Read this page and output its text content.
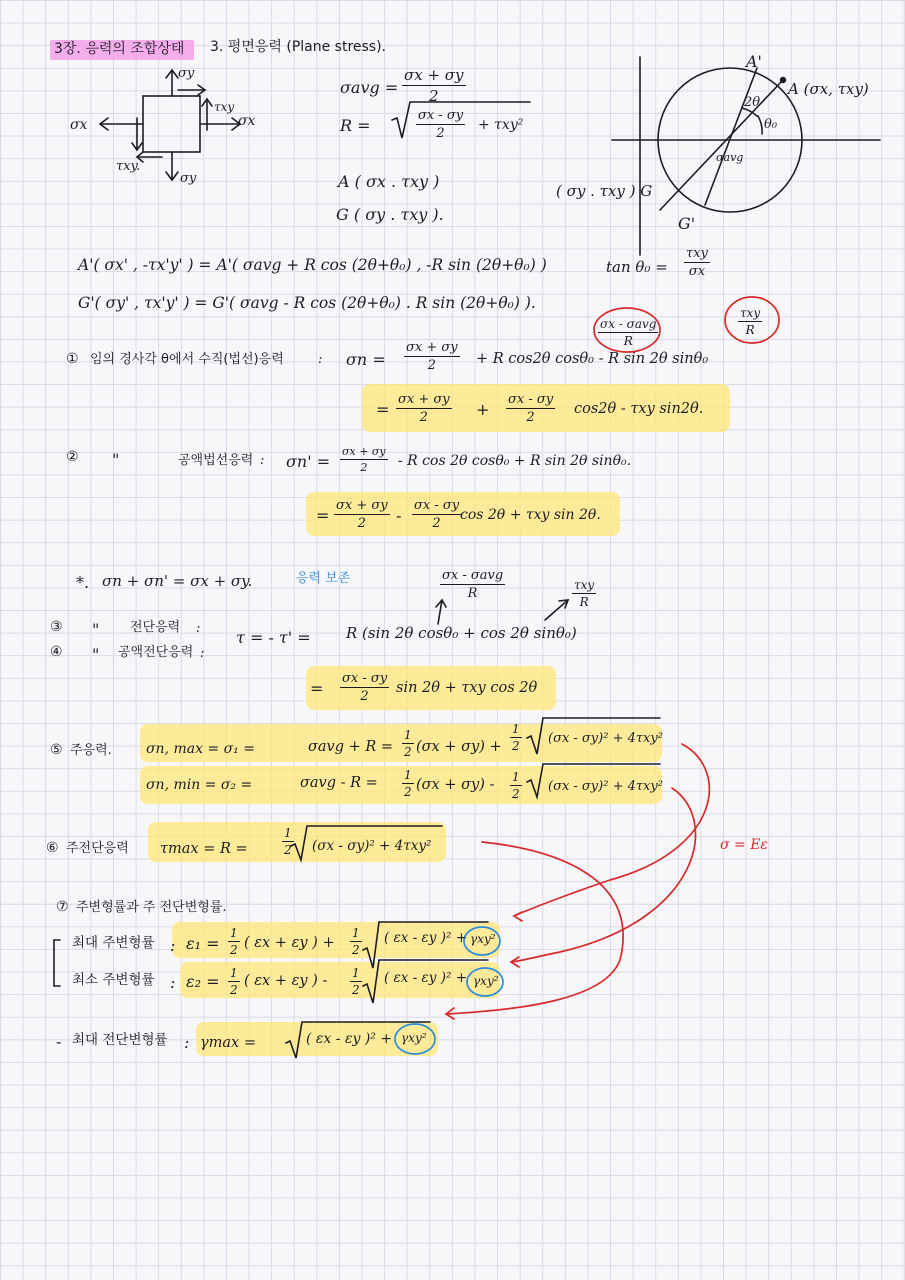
3장. 응력의 조합상태 3. 평면응력 (Plane stress).
σx
σy
τxy
σx
σy
τxy.
$\sigma avg = \frac{\sigma x + \sigma y}{2}$
R =	$\frac{\sigma x - \sigma y}{2} + \tau xy^2$
A ( σx . τxy )
G ( σy . τxy ).
A'
A (σx, τxy)
2θ
θ₀
σavg
( σy . τxy ) G
G'
A'( σx' , -τx'y' ) = A'( σavg + R cos (2θ+θ₀) , -R sin (2θ+θ₀) )	tan θ₀ =
τxy
σx
G'( σy' , τx'y' ) = G'( σavg - R cos (2θ+θ₀) . R sin (2θ+θ₀) ).
σx - σavg
R
τxy
R
① 임의 경사각 θ에서 수직(법선)응력	: $\sigma n = \frac{\sigma x + \sigma y}{2} + R$ cos2θ cosθ₀ - R sin 2θ sinθ₀
= $\frac{\sigma x + \sigma y}{2} + \frac{\sigma x - \sigma y}{2} \cos 2\theta - \tau xy$ sin2θ.
② "	공액법선응력 : $\sigma n' = \frac{\sigma x + \sigma y}{2} - R$ cos 2θ cosθ₀ + R sin 2θ sinθ₀.
= $\frac{\sigma x + \sigma y}{2} - \frac{\sigma x - \sigma y}{2}$
cos 2θ + τxy sin 2θ.
*. σn + σn' = σx + σy.	응력 보존	σx - σavg
R
τxy
R
③ " 전단응력 :
④ " 공액전단응력 :
τ = - τ' = R (sin 2θ cosθ₀ + cos 2θ sinθ₀)
= $\frac{\sigma x - \sigma y}{2}$ sin 2θ + τxy cos 2θ
⑤ 주응력. σn, max = σ₁ =	$\sigma avg + R = \frac{1}{2} (\sigma x + \sigma y) + \frac{1}{2} (\sigma x - \sigma y)^2 + 4\tau xy^2$
σn, min = σ₂ =	$\sigma avg - R = \frac{1}{2} (\sigma x + \sigma y) - \frac{1}{2} (\sigma x - \sigma y)^2 + 4\tau xy^2$
⑥ 주전단응력 τmax = R =	$\frac{1}{2} (\sigma x - \sigma y)^2 + 4\tau xy^2$	σ = Eε
⑦ 주변형률과 주 전단변형률.
최대 주변형률 : $\varepsilon_1 = \frac{1}{2}$ ( εx + εy ) + $\frac{1}{2}$ ( εx - εy )² + γxy²
최소 주변형률 : $\varepsilon_2 = \frac{1}{2}$ ( εx + εy ) - $\frac{1}{2}$ ( εx - εy )² + γxy²
- 최대 전단변형률 : γmax =	( εx - εy )² + γxy²
